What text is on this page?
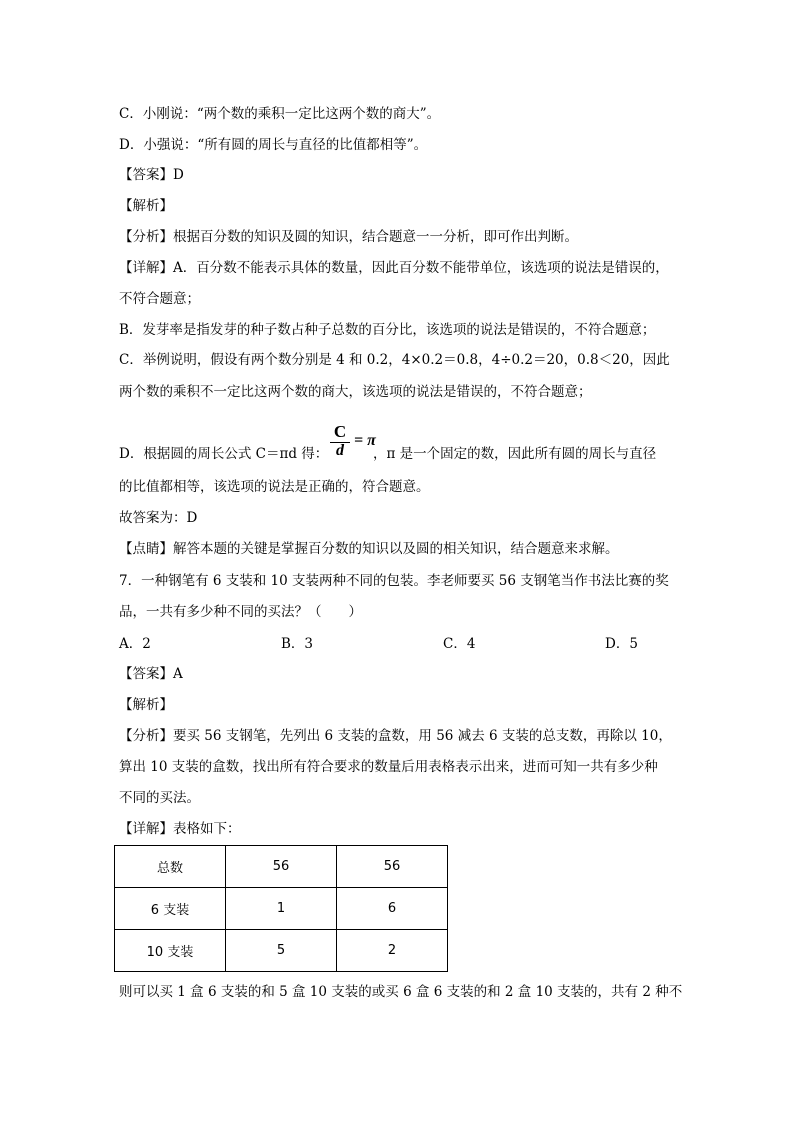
C．小刚说：“两个数的乘积一定比这两个数的商大”。
D．小强说：“所有圆的周长与直径的比值都相等”。
【答案】D
【解析】
【分析】根据百分数的知识及圆的知识，结合题意一一分析，即可作出判断。
【详解】A．百分数不能表示具体的数量，因此百分数不能带单位，该选项的说法是错误的，
不符合题意；
B．发芽率是指发芽的种子数占种子总数的百分比，该选项的说法是错误的，不符合题意；
C．举例说明，假设有两个数分别是 4 和 0.2，4×0.2＝0.8，4÷0.2＝20，0.8＜20，因此
两个数的乘积不一定比这两个数的商大，该选项的说法是错误的，不符合题意；
D．根据圆的周长公式 C＝πd 得：
C
d
= π
，π 是一个固定的数，因此所有圆的周长与直径
的比值都相等，该选项的说法是正确的，符合题意。
故答案为：D
【点睛】解答本题的关键是掌握百分数的知识以及圆的相关知识，结合题意来求解。
7．一种钢笔有 6 支装和 10 支装两种不同的包装。李老师要买 56 支钢笔当作书法比赛的奖
品，一共有多少种不同的买法？（　　）
A．2	B．3	C．4	D．5
【答案】A
【解析】
【分析】要买 56 支钢笔，先列出 6 支装的盒数，用 56 减去 6 支装的总支数，再除以 10，
算出 10 支装的盒数，找出所有符合要求的数量后用表格表示出来，进而可知一共有多少种
不同的买法。
【详解】表格如下：
总数	56	56
6 支装	1	6
10 支装	5	2
则可以买 1 盒 6 支装的和 5 盒 10 支装的或买 6 盒 6 支装的和 2 盒 10 支装的，共有 2 种不
